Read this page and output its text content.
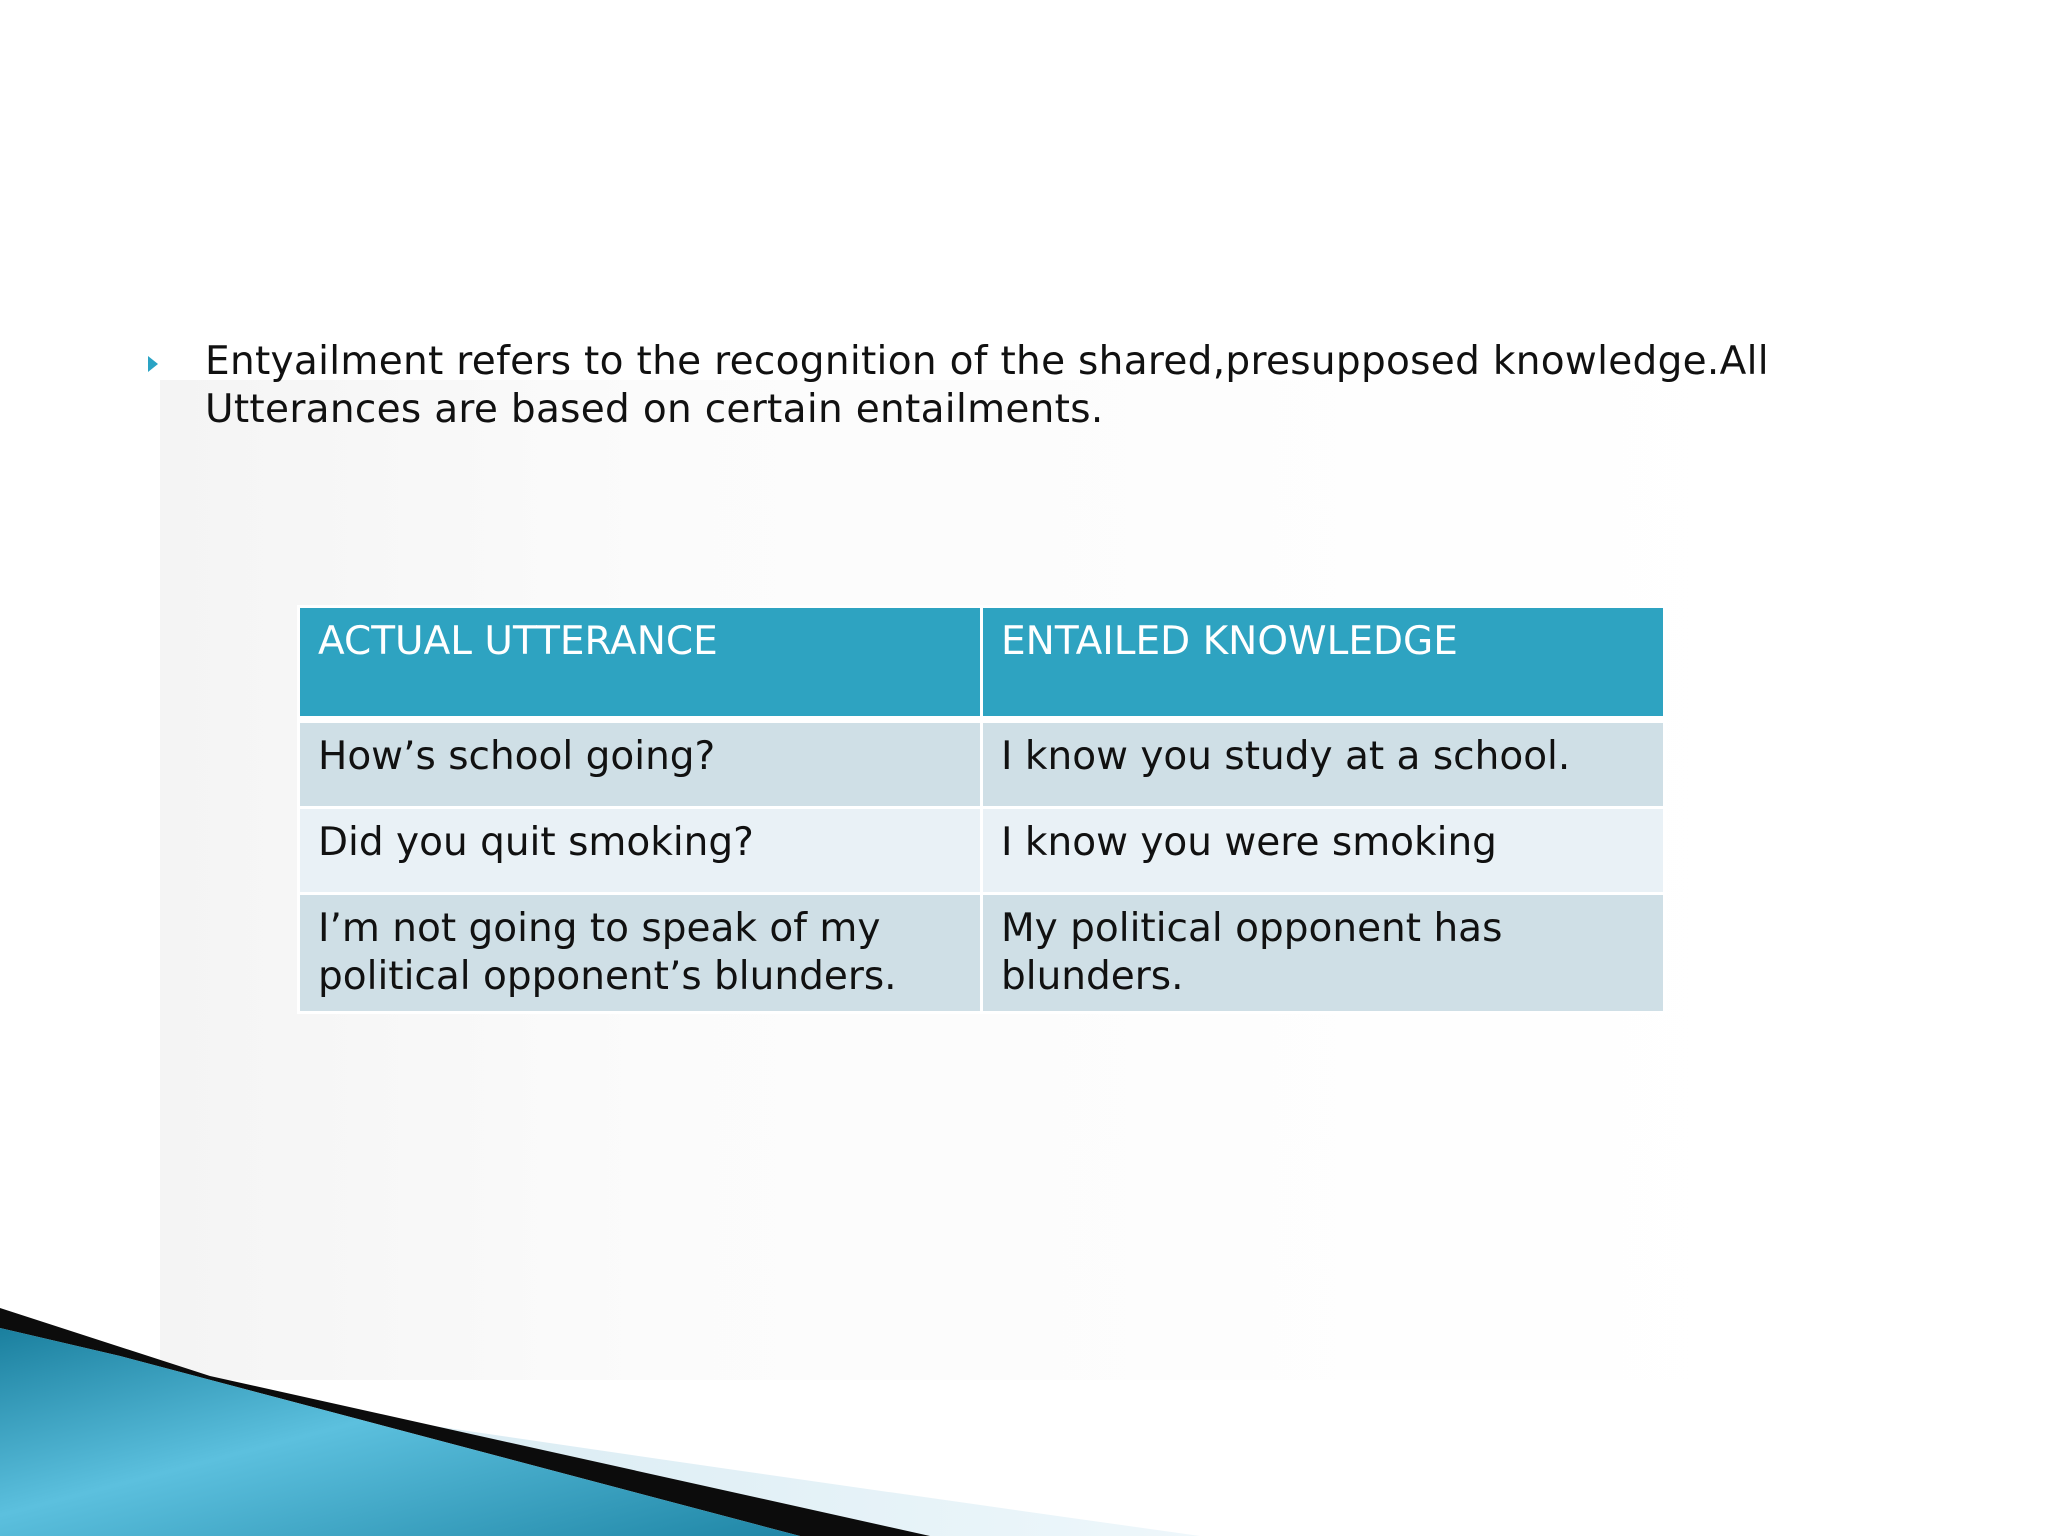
Entyailment refers to the recognition of the shared,presupposed knowledge.All
Utterances are based on certain entailments.
ACTUAL UTTERANCE	ENTAILED KNOWLEDGE
How’s school going?	I know you study at a school.
Did you quit smoking?	I know you were smoking
I’m not going to speak of my political opponent’s blunders.	My political opponent has blunders.
